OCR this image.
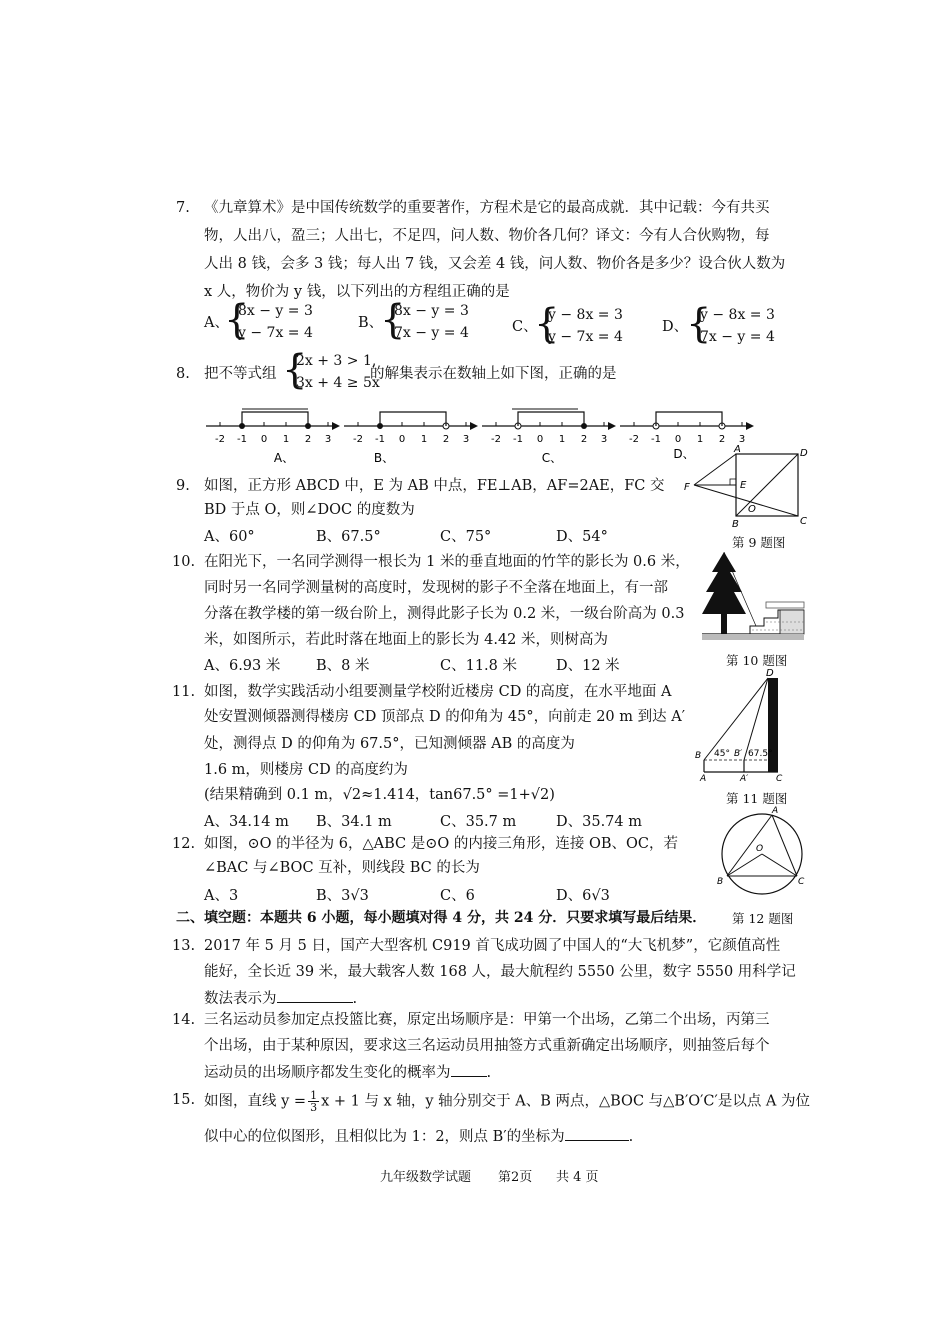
7. 《九章算术》是中国传统数学的重要著作，方程术是它的最高成就．其中记载：今有共买
物，人出八，盈三；人出七，不足四，问人数、物价各几何？译文：今有人合伙购物，每
人出 8 钱，会多 3 钱；每人出 7 钱，又会差 4 钱，问人数、物价各是多少？设合伙人数为
x 人，物价为 y 钱，以下列出的方程组正确的是
A、
{
8x − y = 3
y − 7x = 4
B、
{
8x − y = 3
7x − y = 4	C、
{
y − 8x = 3
y − 7x = 4
D、
{
y − 8x = 3
7x − y = 4
8. 把不等式组 {
2x + 3 > 1,
3x + 4 ≥ 5x
的解集表示在数轴上如下图，正确的是
-2 -1 0 1 2 3
A、
-2 -1 0 1 2 3
B、
-2 -1 0 1 2 3
C、
-2 -1 0 1 2 3
D、
9. 如图，正方形 ABCD 中，E 为 AB 中点，FE⊥AB，AF=2AE，FC 交
BD 于点 O，则∠DOC 的度数为
A、60°	B、67.5°	C、75°	D、54°
A	D
F	E
O
B	C
第 9 题图
10. 在阳光下，一名同学测得一根长为 1 米的垂直地面的竹竿的影长为 0.6 米，
同时另一名同学测量树的高度时，发现树的影子不全落在地面上，有一部
分落在教学楼的第一级台阶上，测得此影子长为 0.2 米，一级台阶高为 0.3
米，如图所示，若此时落在地面上的影长为 4.42 米，则树高为
A、6.93 米 B、8 米	C、11.8 米	D、12 米	第 10 题图
11. 如图，数学实践活动小组要测量学校附近楼房 CD 的高度，在水平地面 A
处安置测倾器测得楼房 CD 顶部点 D 的仰角为 45°，向前走 20 m 到达 A′
处，测得点 D 的仰角为 67.5°，已知测倾器 AB 的高度为
1.6 m，则楼房 CD 的高度约为
(结果精确到 0.1 m，√2≈1.414，tan67.5° =1+√2)
A、34.14 m B、34.1 m	C、35.7 m	D、35.74 m
D
B 45° B′ 67.5°
A	A′	C
第 11 题图
12. 如图，⊙O 的半径为 6，△ABC 是⊙O 的内接三角形，连接 OB、OC，若
∠BAC 与∠BOC 互补，则线段 BC 的长为
A、3	B、3√3	C、6	D、6√3
A
O
B	C
二、填空题：本题共 6 小题，每小题填对得 4 分，共 24 分．只要求填写最后结果． 第 12 题图
13. 2017 年 5 月 5 日，国产大型客机 C919 首飞成功圆了中国人的“大飞机梦”，它颜值高性
能好，全长近 39 米，最大载客人数 168 人，最大航程约 5550 公里，数字 5550 用科学记
数法表示为	.
14. 三名运动员参加定点投篮比赛，原定出场顺序是：甲第一个出场，乙第二个出场，丙第三
个出场，由于某种原因，要求这三名运动员用抽签方式重新确定出场顺序，则抽签后每个
运动员的出场顺序都发生变化的概率为 .
15. 如图，直线 $y = \frac{1}{3}$ x + 1 与 x 轴，y 轴分别交于 A、B 两点，△BOC 与△B′O′C′是以点 A 为位
似中心的位似图形，且相似比为 1：2，则点 B′的坐标为	.
九年级数学试题 第2页 共 4 页
